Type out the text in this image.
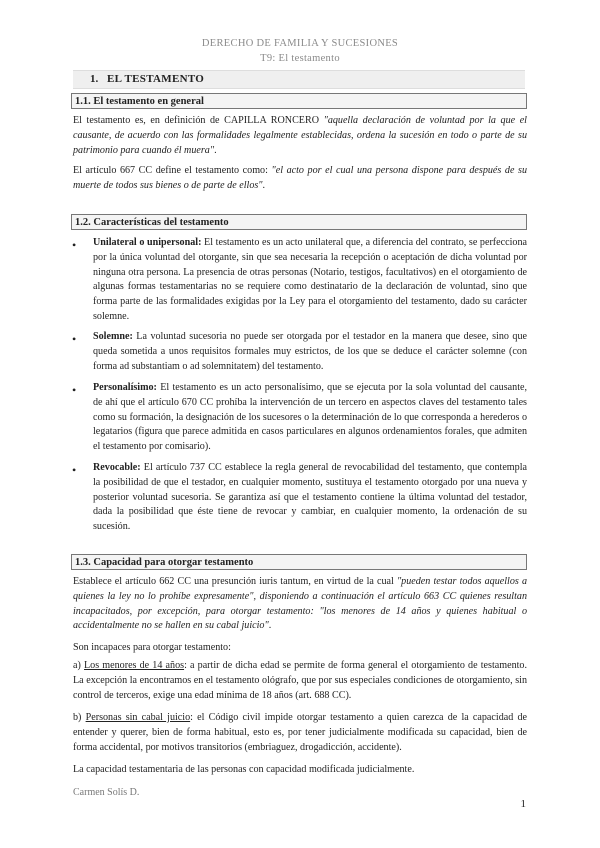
DERECHO DE FAMILIA Y SUCESIONES
T9: El testamento
1. EL TESTAMENTO
1.1. El testamento en general
El testamento es, en definición de CAPILLA RONCERO "aquella declaración de voluntad por la que el causante, de acuerdo con las formalidades legalmente establecidas, ordena la sucesión en todo o parte de su patrimonio para cuando él muera".
El artículo 667 CC define el testamento como: "el acto por el cual una persona dispone para después de su muerte de todos sus bienes o de parte de ellos".
1.2. Características del testamento
•	Unilateral o unipersonal: El testamento es un acto unilateral que, a diferencia del contrato, se perfecciona por la única voluntad del otorgante, sin que sea necesaria la recepción o aceptación de dicha voluntad por ninguna otra persona. La presencia de otras personas (Notario, testigos, facultativos) en el otorgamiento de algunas formas testamentarias no se requiere como destinatario de la declaración de voluntad, sino que forma parte de las formalidades exigidas por la Ley para el otorgamiento del testamento, dado su carácter solemne.
•	Solemne: La voluntad sucesoria no puede ser otorgada por el testador en la manera que desee, sino que queda sometida a unos requisitos formales muy estrictos, de los que se deduce el carácter solemne (con forma ad substantiam o ad solemnitatem) del testamento.
•	Personalísimo: El testamento es un acto personalísimo, que se ejecuta por la sola voluntad del causante, de ahí que el artículo 670 CC prohíba la intervención de un tercero en aspectos claves del testamento tales como su formación, la designación de los sucesores o la determinación de lo que corresponda a herederos o legatarios (figura que parece admitida en casos particulares en algunos ordenamientos forales, que admiten el testamento por comisario).
•	Revocable: El artículo 737 CC establece la regla general de revocabilidad del testamento, que contempla la posibilidad de que el testador, en cualquier momento, sustituya el testamento otorgado por una nueva y posterior voluntad sucesoria. Se garantiza así que el testamento contiene la última voluntad del testador, dada la posibilidad que éste tiene de revocar y cambiar, en cualquier momento, la ordenación de su sucesión.
1.3. Capacidad para otorgar testamento
Establece el artículo 662 CC una presunción iuris tantum, en virtud de la cual "pueden testar todos aquellos a quienes la ley no lo prohíbe expresamente", disponiendo a continuación el artículo 663 CC quienes resultan incapacitados, por excepción, para otorgar testamento: "los menores de 14 años y quienes habitual o accidentalmente no se hallen en su cabal juicio".
Son incapaces para otorgar testamento:
a) Los menores de 14 años: a partir de dicha edad se permite de forma general el otorgamiento de testamento. La excepción la encontramos en el testamento ológrafo, que por sus especiales condiciones de otorgamiento, sin control de terceros, exige una edad mínima de 18 años (art. 688 CC).
b) Personas sin cabal juicio: el Código civil impide otorgar testamento a quien carezca de la capacidad de entender y querer, bien de forma habitual, esto es, por tener judicialmente modificada su capacidad, bien de forma accidental, por motivos transitorios (embriaguez, drogadicción, accidente).
La capacidad testamentaria de las personas con capacidad modificada judicialmente.
Carmen Solís D.
1
